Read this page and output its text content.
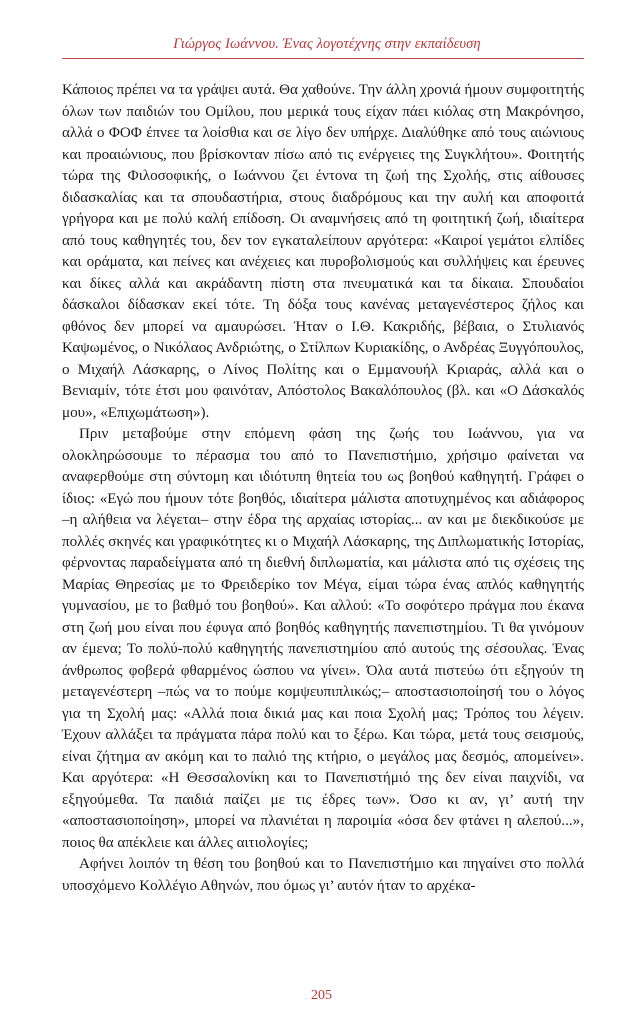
Γιώργος Ιωάννου. Ένας λογοτέχνης στην εκπαίδευση

Κάποιος πρέπει να τα γράψει αυτά. Θα χαθούνε. Την άλλη χρονιά ήμουν συμφοιτητής όλων των παιδιών του Ομίλου, που μερικά τους είχαν πάει κιόλας στη Μακρόνησο, αλλά ο ΦΟΦ έπνεε τα λοίσθια και σε λίγο δεν υπήρχε. Διαλύθηκε από τους αιώνιους και προαιώνιους, που βρίσκονταν πίσω από τις ενέργειες της Συγκλήτου». Φοιτητής τώρα της Φιλοσοφικής, ο Ιωάννου ζει έντονα τη ζωή της Σχολής, στις αίθουσες διδασκαλίας και τα σπουδαστήρια, στους διαδρόμους και την αυλή και αποφοιτά γρήγορα και με πολύ καλή επίδοση. Οι αναμνήσεις από τη φοιτητική ζωή, ιδιαίτερα από τους καθηγητές του, δεν τον εγκαταλείπουν αργότερα: «Καιροί γεμάτοι ελπίδες και οράματα, και πείνες και ανέχειες και πυροβολισμούς και συλλήψεις και έρευνες και δίκες αλλά και ακράδαντη πίστη στα πνευματικά και τα δίκαια. Σπουδαίοι δάσκαλοι δίδασκαν εκεί τότε. Τη δόξα τους κανένας μεταγενέστερος ζήλος και φθόνος δεν μπορεί να αμαυρώσει. Ήταν ο Ι.Θ. Κακριδής, βέβαια, ο Στυλιανός Καψωμένος, ο Νικόλαος Ανδριώτης, ο Στίλπων Κυριακίδης, ο Ανδρέας Ξυγγόπουλος, ο Μιχαήλ Λάσκαρης, ο Λίνος Πολίτης και ο Εμμανουήλ Κριαράς, αλλά και ο Βενιαμίν, τότε έτσι μου φαινόταν, Απόστολος Βακαλόπουλος (βλ. και «Ο Δάσκαλός μου», «Επιχωμάτωση»).

Πριν μεταβούμε στην επόμενη φάση της ζωής του Ιωάννου, για να ολοκληρώσουμε το πέρασμα του από το Πανεπιστήμιο, χρήσιμο φαίνεται να αναφερθούμε στη σύντομη και ιδιότυπη θητεία του ως βοηθού καθηγητή. Γράφει ο ίδιος: «Εγώ που ήμουν τότε βοηθός, ιδιαίτερα μάλιστα αποτυχημένος και αδιάφορος –η αλήθεια να λέγεται– στην έδρα της αρχαίας ιστορίας... αν και με διεκδικούσε με πολλές σκηνές και γραφικότητες κι ο Μιχαήλ Λάσκαρης, της Διπλωματικής Ιστορίας, φέρνοντας παραδείγματα από τη διεθνή διπλωματία, και μάλιστα από τις σχέσεις της Μαρίας Θηρεσίας με το Φρειδερίκο τον Μέγα, είμαι τώρα ένας απλός καθηγητής γυμνασίου, με το βαθμό του βοηθού». Και αλλού: «Το σοφότερο πράγμα που έκανα στη ζωή μου είναι που έφυγα από βοηθός καθηγητής πανεπιστημίου. Τι θα γινόμουν αν έμενα; Το πολύ-πολύ καθηγητής πανεπιστημίου από αυτούς της σέσουλας. Ένας άνθρωπος φοβερά φθαρμένος ώσπου να γίνει». Όλα αυτά πιστεύω ότι εξηγούν τη μεταγενέστερη –πώς να το πούμε κομψευπιπλικώς;– αποστασιοποίησή του ο λόγος για τη Σχολή μας: «Αλλά ποια δικιά μας και ποια Σχολή μας; Τρόπος του λέγειν. Έχουν αλλάξει τα πράγματα πάρα πολύ και το ξέρω. Και τώρα, μετά τους σεισμούς, είναι ζήτημα αν ακόμη και το παλιό της κτήριο, ο μεγάλος μας δεσμός, απομείνει». Και αργότερα: «Η Θεσσαλονίκη και το Πανεπιστήμιό της δεν είναι παιχνίδι, να εξηγούμεθα. Τα παιδιά παίζει με τις έδρες των». Όσο κι αν, γι’ αυτή την «αποστασιοποίηση», μπορεί να πλανιέται η παροιμία «όσα δεν φτάνει η αλεπού...», ποιος θα απέκλειε και άλλες αιτιολογίες;

Αφήνει λοιπόν τη θέση του βοηθού και το Πανεπιστήμιο και πηγαίνει στο πολλά υποσχόμενο Κολλέγιο Αθηνών, που όμως γι’ αυτόν ήταν το αρχέκα-

205
